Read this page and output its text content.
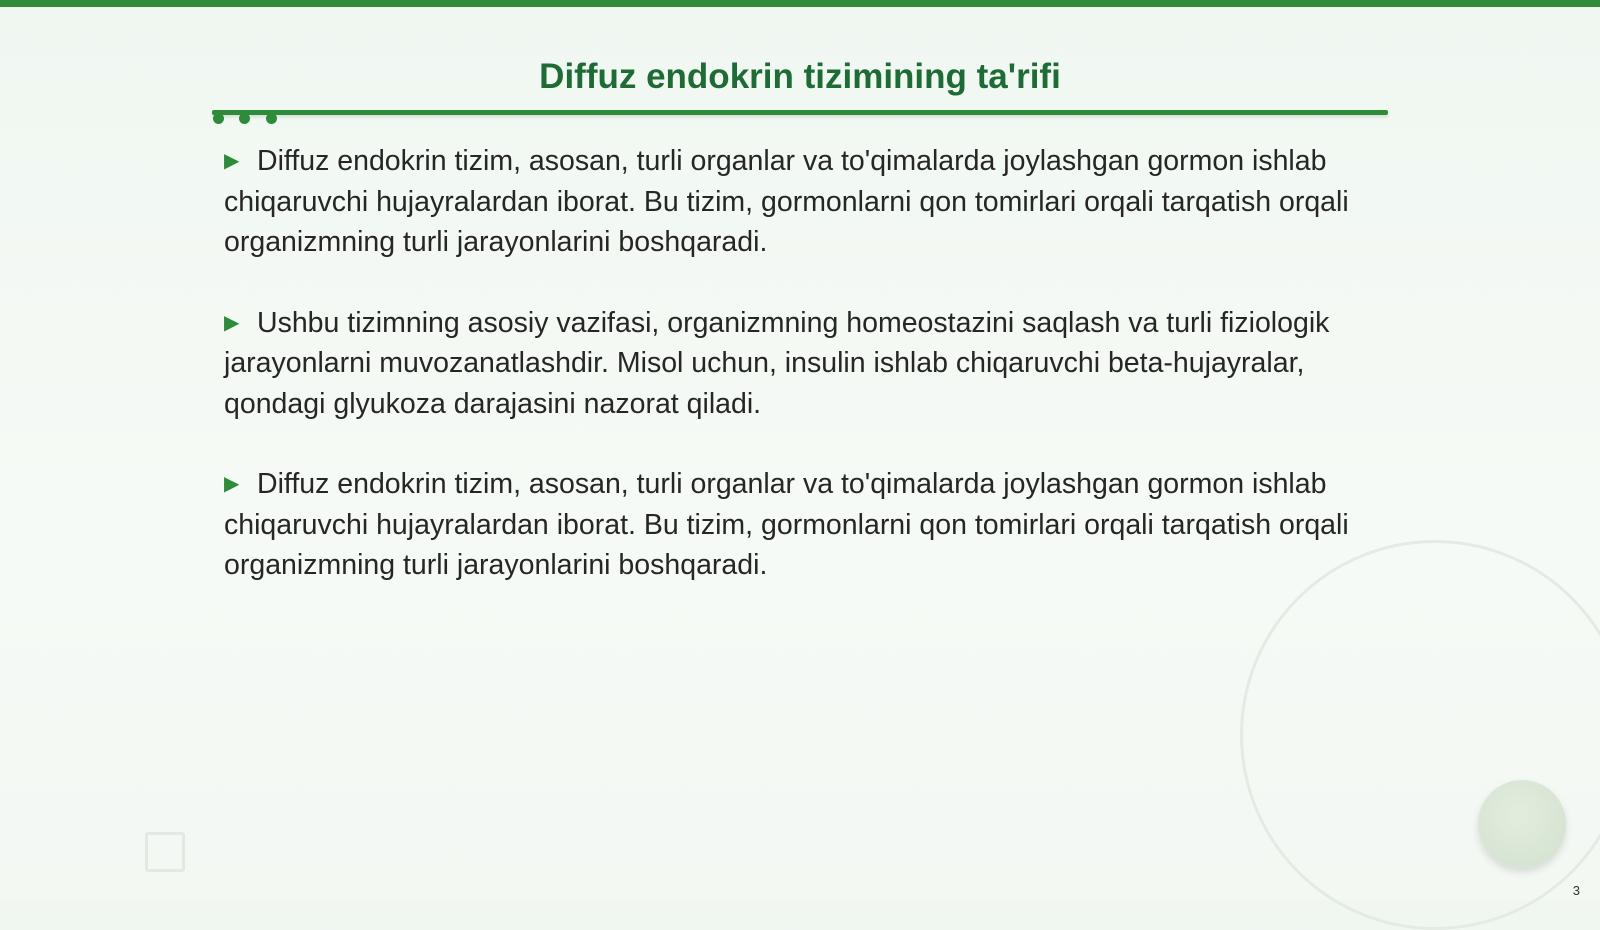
Diffuz endokrin tizimining ta'rifi

▶ Diffuz endokrin tizim, asosan, turli organlar va to'qimalarda joylashgan gormon ishlab chiqaruvchi hujayralardan iborat. Bu tizim, gormonlarni qon tomirlari orqali tarqatish orqali organizmning turli jarayonlarini boshqaradi.

▶ Ushbu tizimning asosiy vazifasi, organizmning homeostazini saqlash va turli fiziologik jarayonlarni muvozanatlashdir. Misol uchun, insulin ishlab chiqaruvchi beta-hujayralar, qondagi glyukoza darajasini nazorat qiladi.

▶ Diffuz endokrin tizim, asosan, turli organlar va to'qimalarda joylashgan gormon ishlab chiqaruvchi hujayralardan iborat. Bu tizim, gormonlarni qon tomirlari orqali tarqatish orqali organizmning turli jarayonlarini boshqaradi.

3
